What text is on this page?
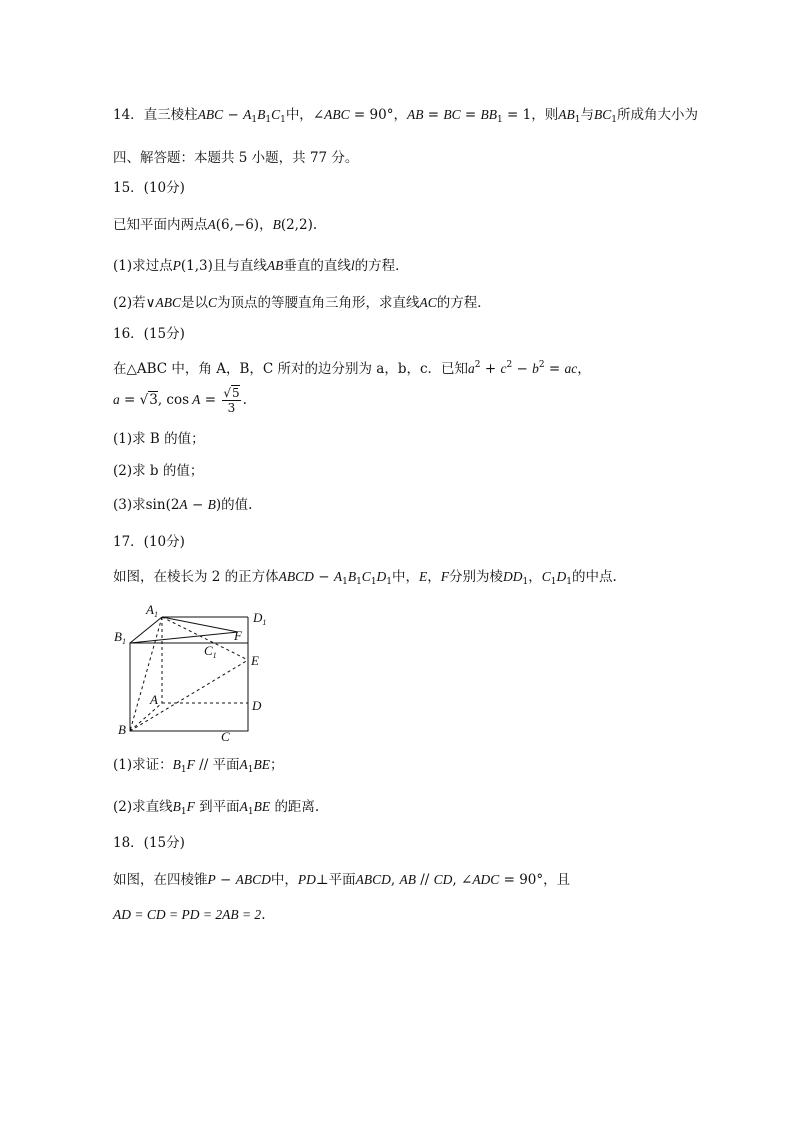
14．直三棱柱ABC − $A_1B_1C_1$中，∠ABC = 90°，AB = BC = $BB_1 = 1$，则$AB_1$与$BC_1$所成角大小为
四、解答题：本题共 5 小题，共 77 分。
15．(10分)
已知平面内两点A(6,−6)，B(2,2).
(1)求过点P(1,3)且与直线AB垂直的直线l的方程．
(2)若∨ABC是以C为顶点的等腰直角三角形，求直线AC的方程．
16．(15分)
在△ABC 中，角 A，B，C 所对的边分别为 a，b，c．已知$a^2 + c^2 - b^2$ = ac，
a = √3, $\cos A = \frac{√5}{3}$ .
(1)求 B 的值；
(2)求 b 的值；
(3)求sin(2A − B)的值.
17．(10分)
如图，在棱长为 2 的正方体ABCD − $A_1B_1C_1D_1$中，E，F分别为棱$DD_1$，$C_1D_1$的中点.
$A_1$
$B_1$
$C_1$
$D_1$
F
E
A	D
B	C
(1)求证：$B_1F$ // 平面$A_1BE$；
(2)求直线$B_1F$ 到平面$A_1BE$ 的距离.
18．(15分)
如图，在四棱锥P − ABCD中，PD⊥平面ABCD, AB // CD, ∠ADC = 90°，且
AD = CD = PD = 2AB = 2.
